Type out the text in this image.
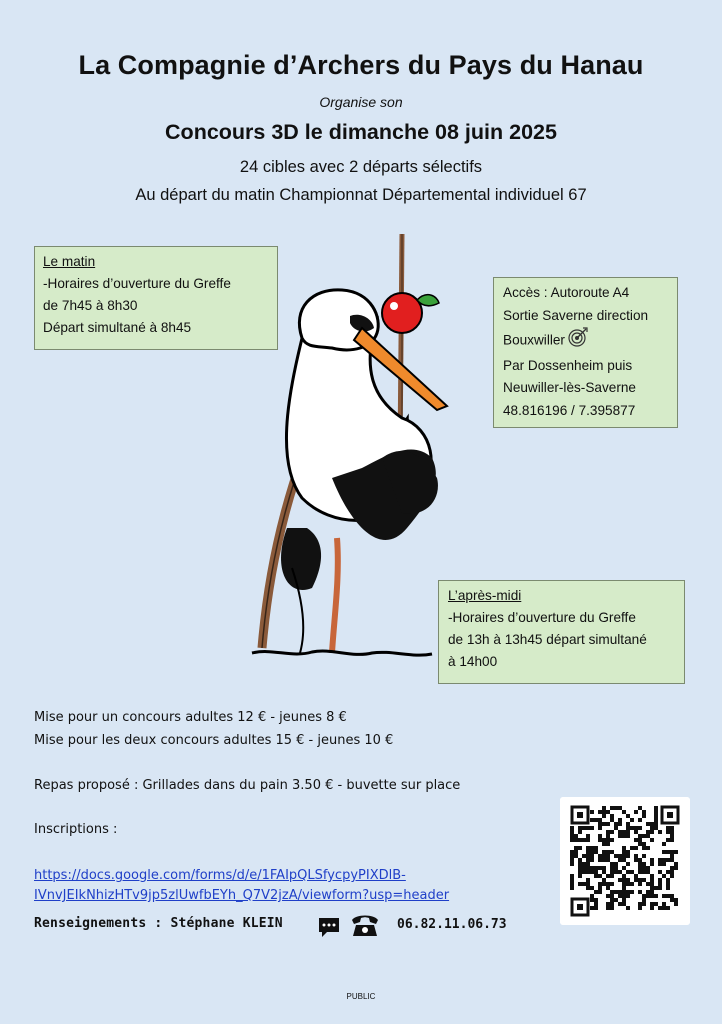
La Compagnie d’Archers du Pays du Hanau
Organise son
Concours 3D le dimanche 08 juin 2025
24 cibles avec 2 départs sélectifs
Au départ du matin Championnat Départemental individuel 67
Le matin
-Horaires d’ouverture du Greffe
de 7h45 à 8h30
Départ simultané à 8h45
Accès : Autoroute A4
Sortie Saverne direction
Bouxwiller
Par Dossenheim puis
Neuwiller-lès-Saverne
48.816196 / 7.395877
L’après-midi
-Horaires d’ouverture du Greffe
de 13h à 13h45 départ simultané
à 14h00
Mise pour un concours adultes 12 € - jeunes 8 €
Mise pour les deux concours adultes 15 € - jeunes 10 €
Repas proposé : Grillades dans du pain 3.50 € - buvette sur place
Inscriptions :
https://docs.google.com/forms/d/e/1FAIpQLSfycpyPIXDlB-
IVnvJEIkNhizHTv9jp5zlUwfbEYh_Q7V2jzA/viewform?usp=header
Renseignements : Stéphane KLEIN	06.82.11.06.73
PUBLIC
